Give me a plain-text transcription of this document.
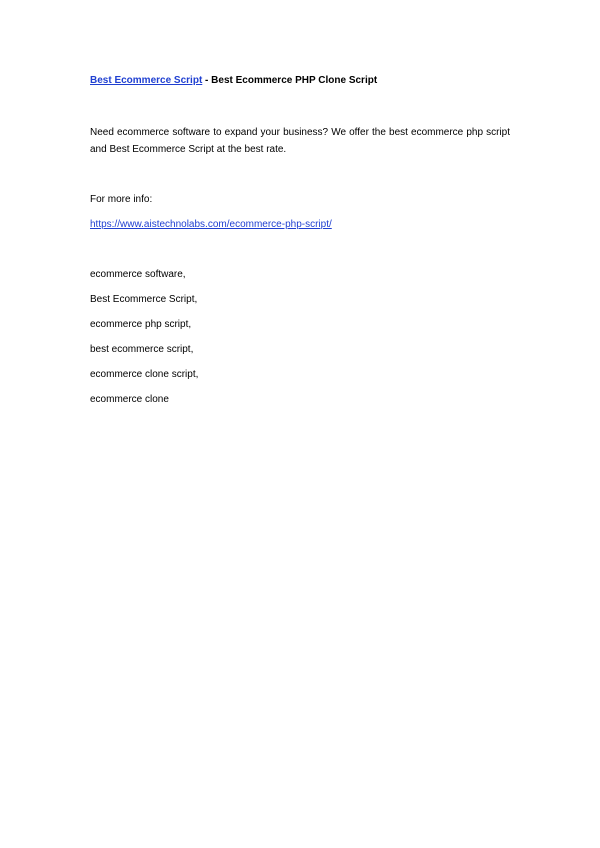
Best Ecommerce Script - Best Ecommerce PHP Clone Script
Need ecommerce software to expand your business? We offer the best ecommerce php script and Best Ecommerce Script at the best rate.
For more info:
https://www.aistechnolabs.com/ecommerce-php-script/
ecommerce software,
Best Ecommerce Script,
ecommerce php script,
best ecommerce script,
ecommerce clone script,
ecommerce clone
